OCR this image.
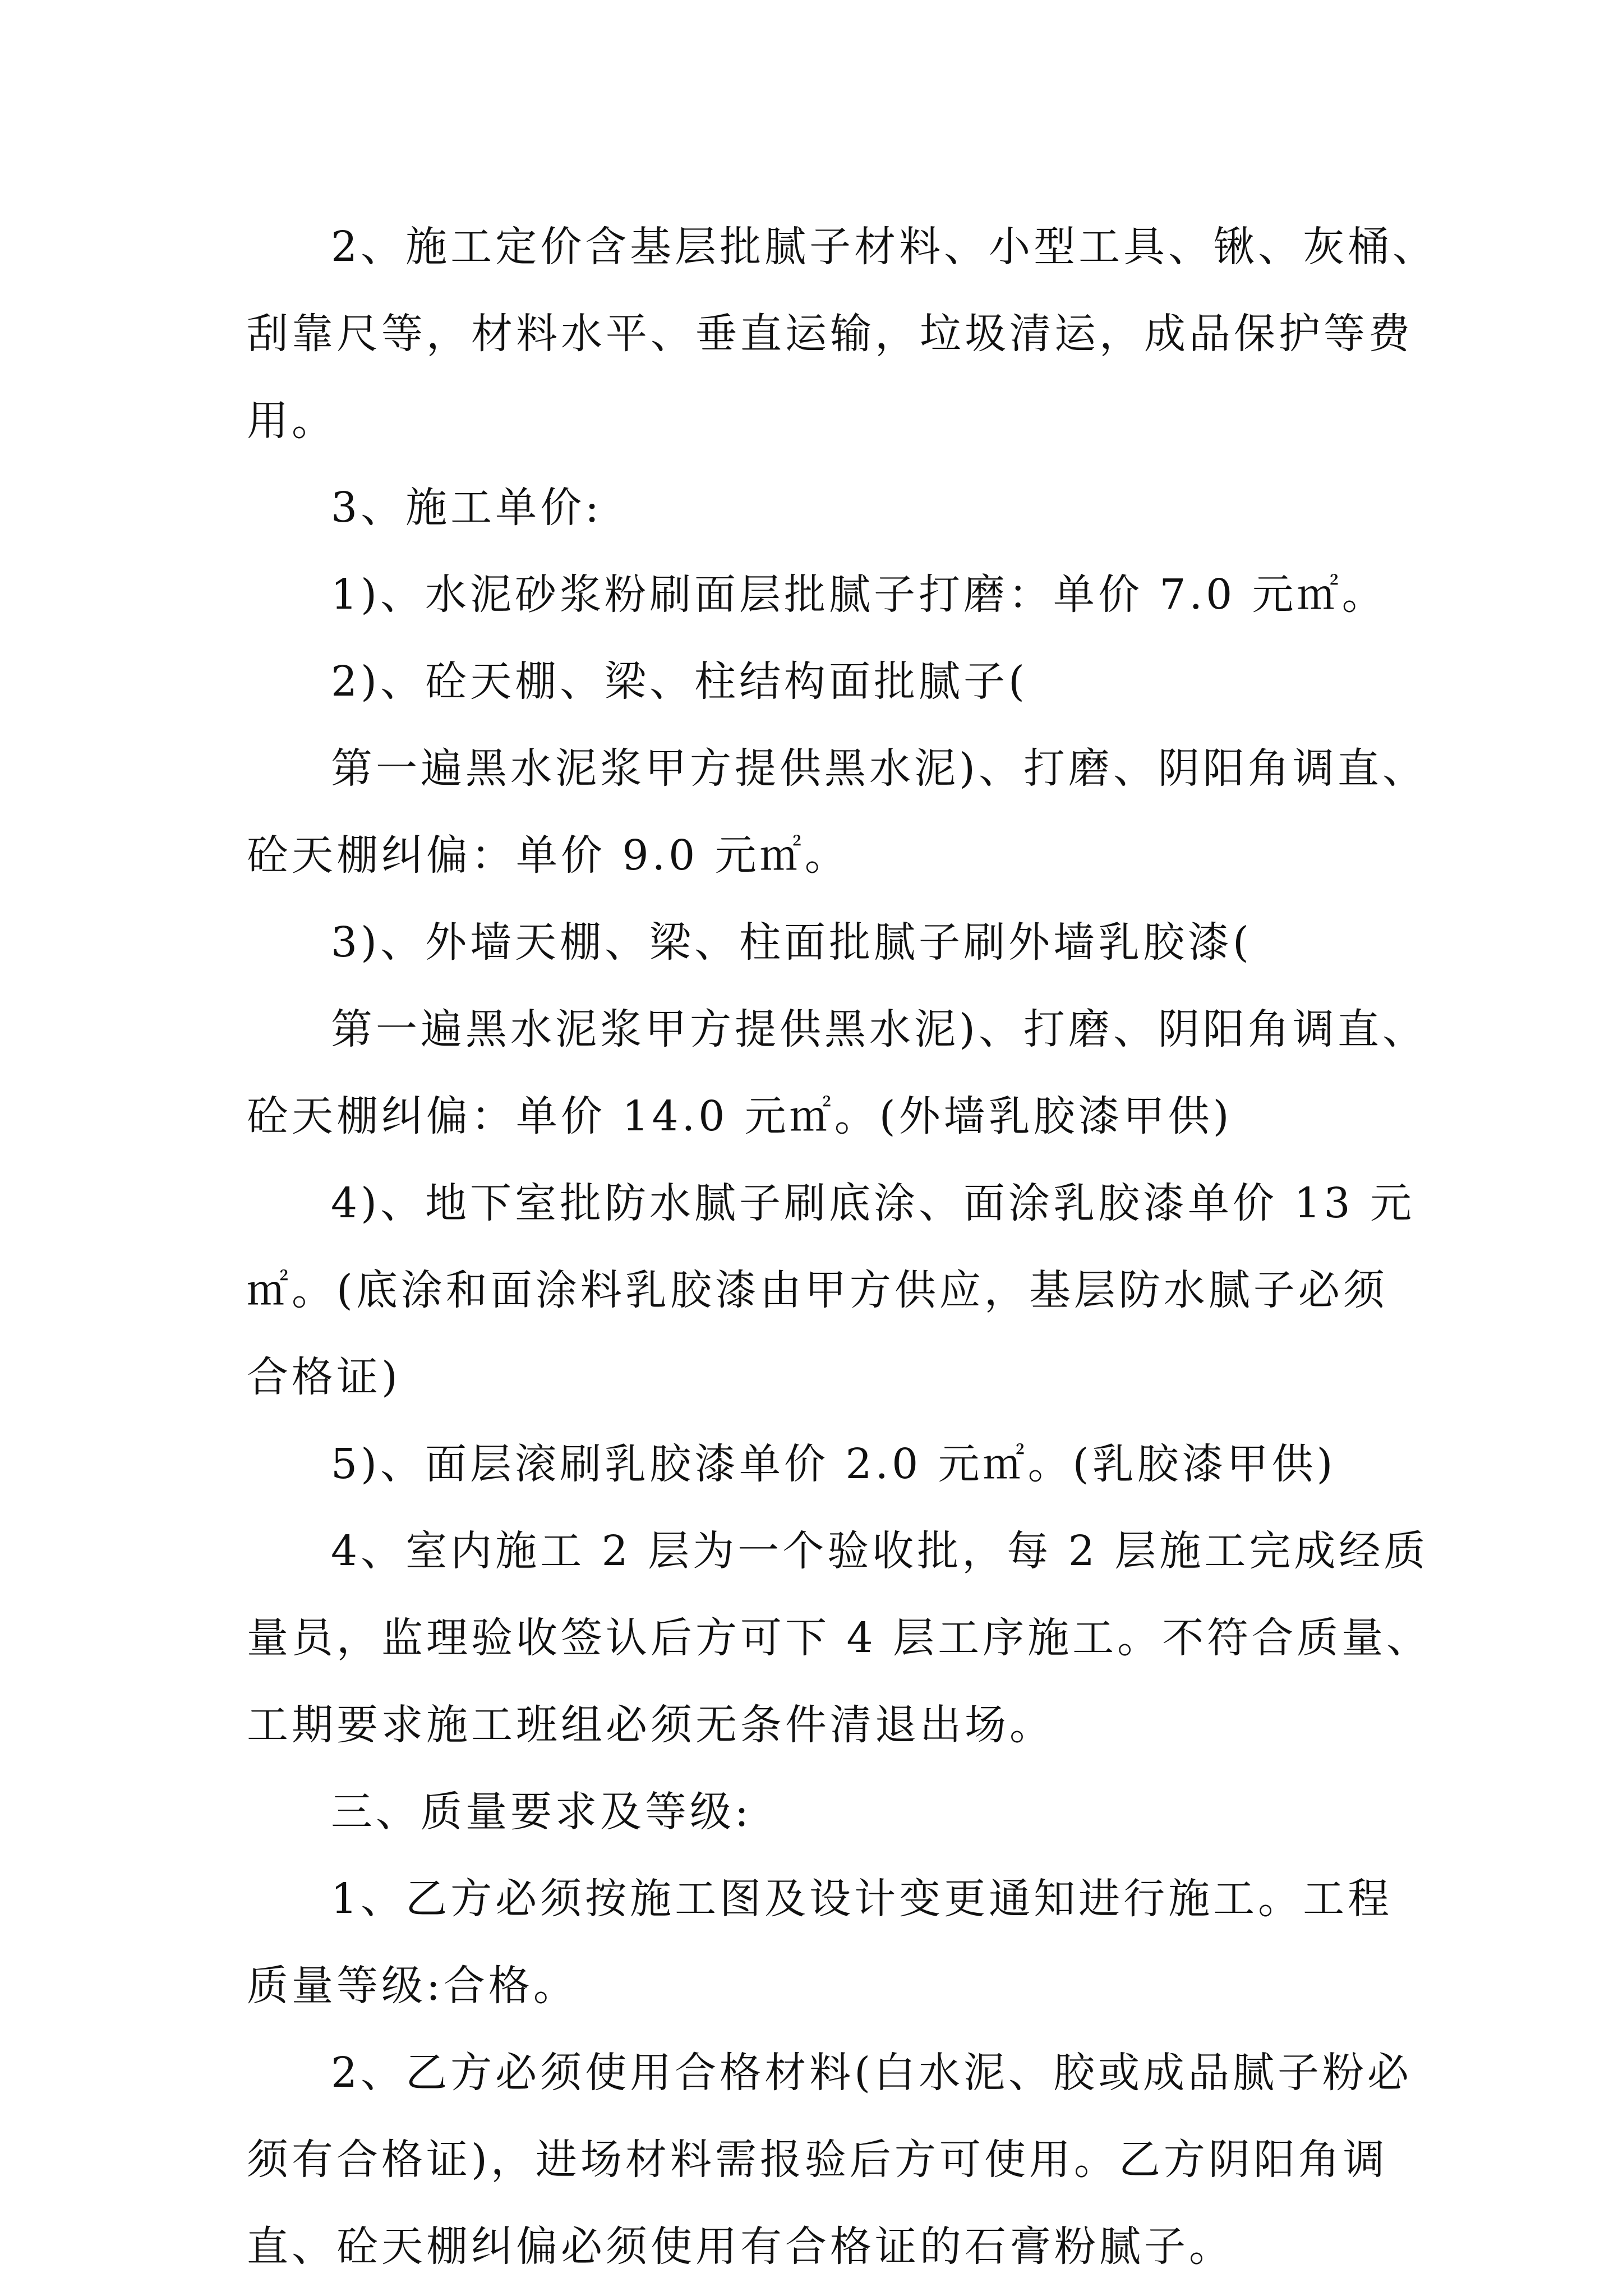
2、施工定价含基层批腻子材料、小型工具、锹、灰桶、
刮靠尺等，材料水平、垂直运输，垃圾清运，成品保护等费
用。
3、施工单价:
1)、水泥砂浆粉刷面层批腻子打磨：单价 7.0 元㎡。
2)、砼天棚、梁、柱结构面批腻子(
第一遍黑水泥浆甲方提供黑水泥)、打磨、阴阳角调直、
砼天棚纠偏：单价 9.0 元㎡。
3)、外墙天棚、梁、柱面批腻子刷外墙乳胶漆(
第一遍黑水泥浆甲方提供黑水泥)、打磨、阴阳角调直、
砼天棚纠偏：单价 14.0 元㎡。(外墙乳胶漆甲供)
4)、地下室批防水腻子刷底涂、面涂乳胶漆单价 13 元
㎡。(底涂和面涂料乳胶漆由甲方供应，基层防水腻子必须
合格证)
5)、面层滚刷乳胶漆单价 2.0 元㎡。(乳胶漆甲供)
4、室内施工 2 层为一个验收批，每 2 层施工完成经质
量员，监理验收签认后方可下 4 层工序施工。不符合质量、
工期要求施工班组必须无条件清退出场。
三、质量要求及等级:
1、乙方必须按施工图及设计变更通知进行施工。工程
质量等级:合格。
2、乙方必须使用合格材料(白水泥、胶或成品腻子粉必
须有合格证)，进场材料需报验后方可使用。乙方阴阳角调
直、砼天棚纠偏必须使用有合格证的石膏粉腻子。
